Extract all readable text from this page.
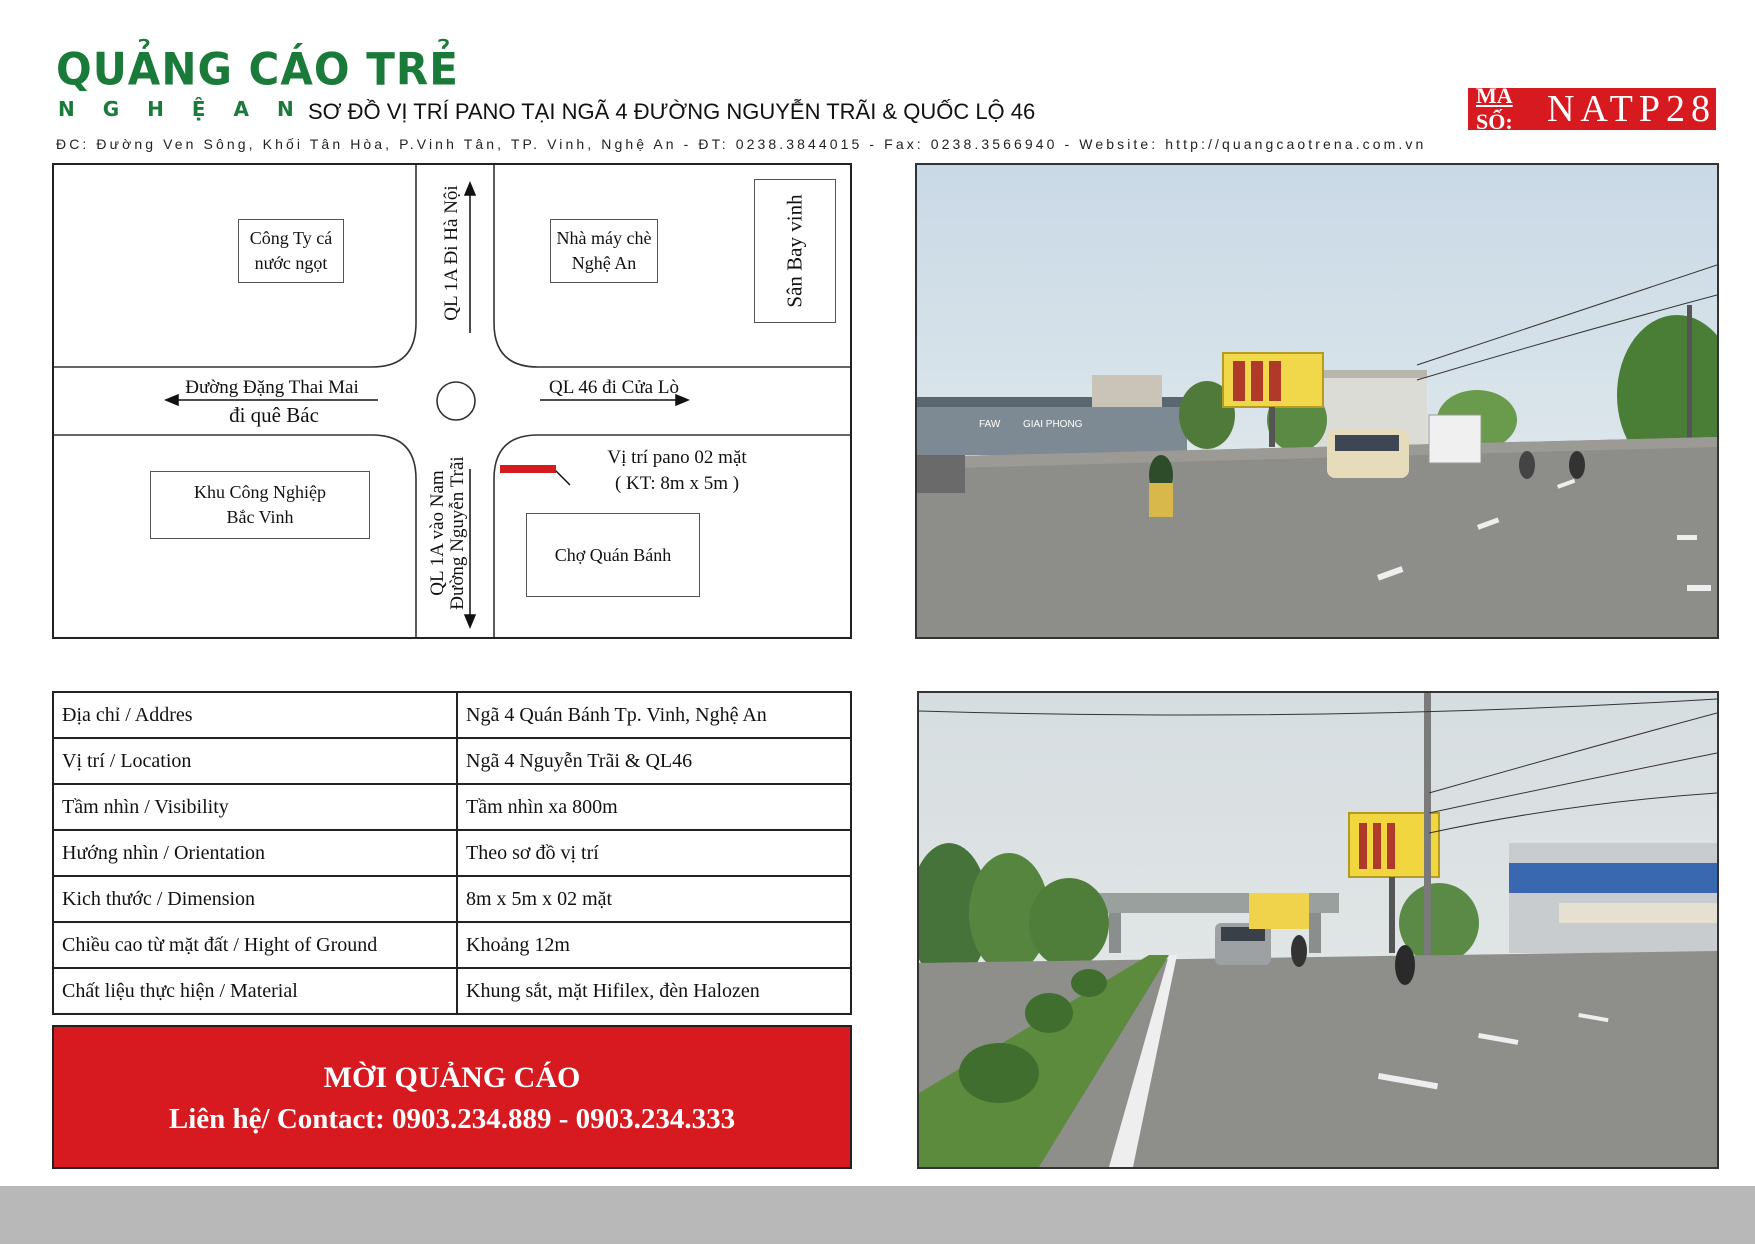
QUẢNG CÁO TRẺ
NGHỆAN
SƠ ĐỒ VỊ TRÍ PANO TẠI NGÃ 4 ĐƯỜNG NGUYỄN TRÃI & QUỐC LỘ 46
MÃ SỐ: NATP28
ĐC: Đường Ven Sông, Khối Tân Hòa, P.Vinh Tân, TP. Vinh, Nghệ An - ĐT: 0238.3844015 - Fax: 0238.3566940 - Website: http://quangcaotrena.com.vn
Công Ty cá
nước ngọt
Nhà máy chè
Nghệ An	Sân Bay vinh
QL 1A Đi Hà Nội
Đường Đặng Thai Mai
đi quê Bác
QL 46 đi Cửa Lò
Vị trí pano 02 mặt
( KT: 8m x 5m )
Khu Công Nghiệp
Bắc Vinh	QL 1A vào Nam Đường Nguyễn Trãi	Chợ Quán Bánh
FAW GIAI PHONG
Địa chỉ / Addres	Ngã 4 Quán Bánh Tp. Vinh, Nghệ An
Vị trí / Location	Ngã 4 Nguyễn Trãi & QL46
Tầm nhìn / Visibility	Tầm nhìn xa 800m
Hướng nhìn / Orientation	Theo sơ đồ vị trí
Kich thước / Dimension	8m x 5m x 02 mặt
Chiều cao từ mặt đất / Hight of Ground	Khoảng 12m
Chất liệu thực hiện / Material	Khung sắt, mặt Hifilex, đèn Halozen
MỜI QUẢNG CÁO
Liên hệ/ Contact: 0903.234.889 - 0903.234.333
